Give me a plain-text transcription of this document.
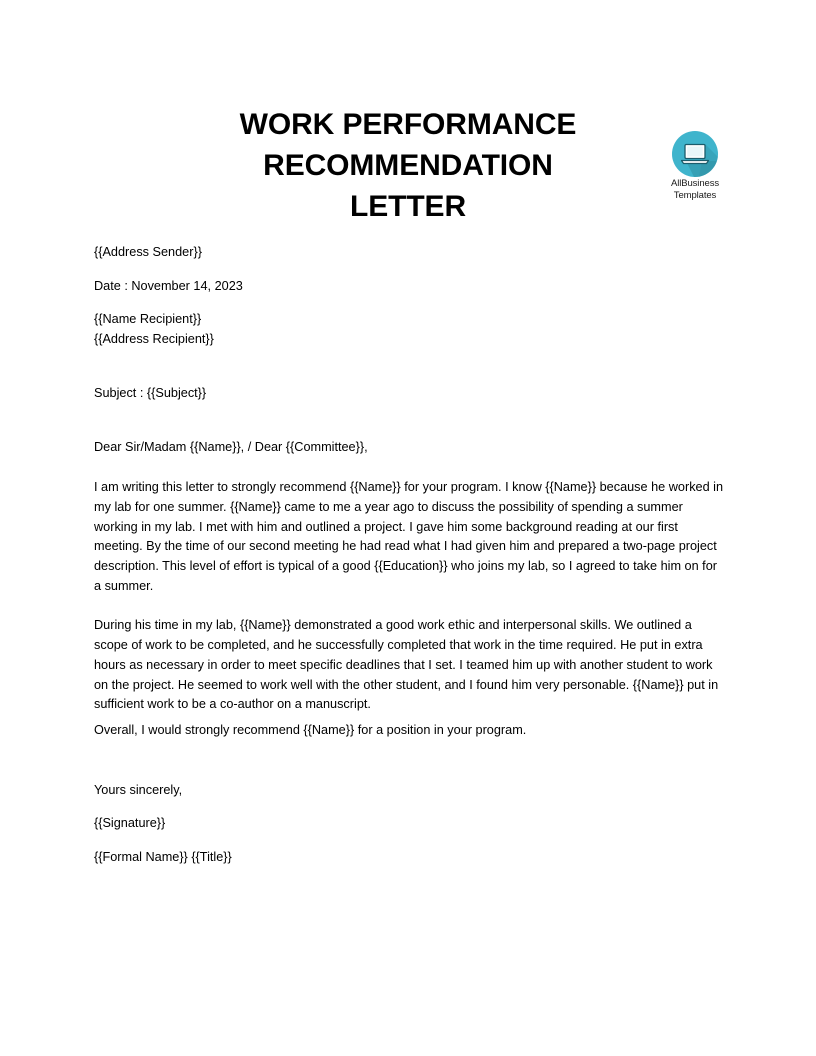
WORK PERFORMANCE RECOMMENDATION
LETTER
AllBusiness
Templates
{{Address Sender}}
Date : November 14, 2023
{{Name Recipient}}
{{Address Recipient}}
Subject : {{Subject}}
Dear Sir/Madam {{Name}}, / Dear {{Committee}},
I am writing this letter to strongly recommend {{Name}} for your program. I know {{Name}} because he worked in my lab for one summer. {{Name}} came to me a year ago to discuss the possibility of spending a summer working in my lab. I met with him and outlined a project. I gave him some background reading at our first meeting. By the time of our second meeting he had read what I had given him and prepared a two-page project description. This level of effort is typical of a good {{Education}} who joins my lab, so I agreed to take him on for a summer.
During his time in my lab, {{Name}} demonstrated a good work ethic and interpersonal skills. We outlined a scope of work to be completed, and he successfully completed that work in the time required. He put in extra hours as necessary in order to meet specific deadlines that I set. I teamed him up with another student to work on the project. He seemed to work well with the other student, and I found him very personable. {{Name}} put in sufficient work to be a co-author on a manuscript.
Overall, I would strongly recommend {{Name}} for a position in your program.
Yours sincerely,
{{Signature}}
{{Formal Name}} {{Title}}
